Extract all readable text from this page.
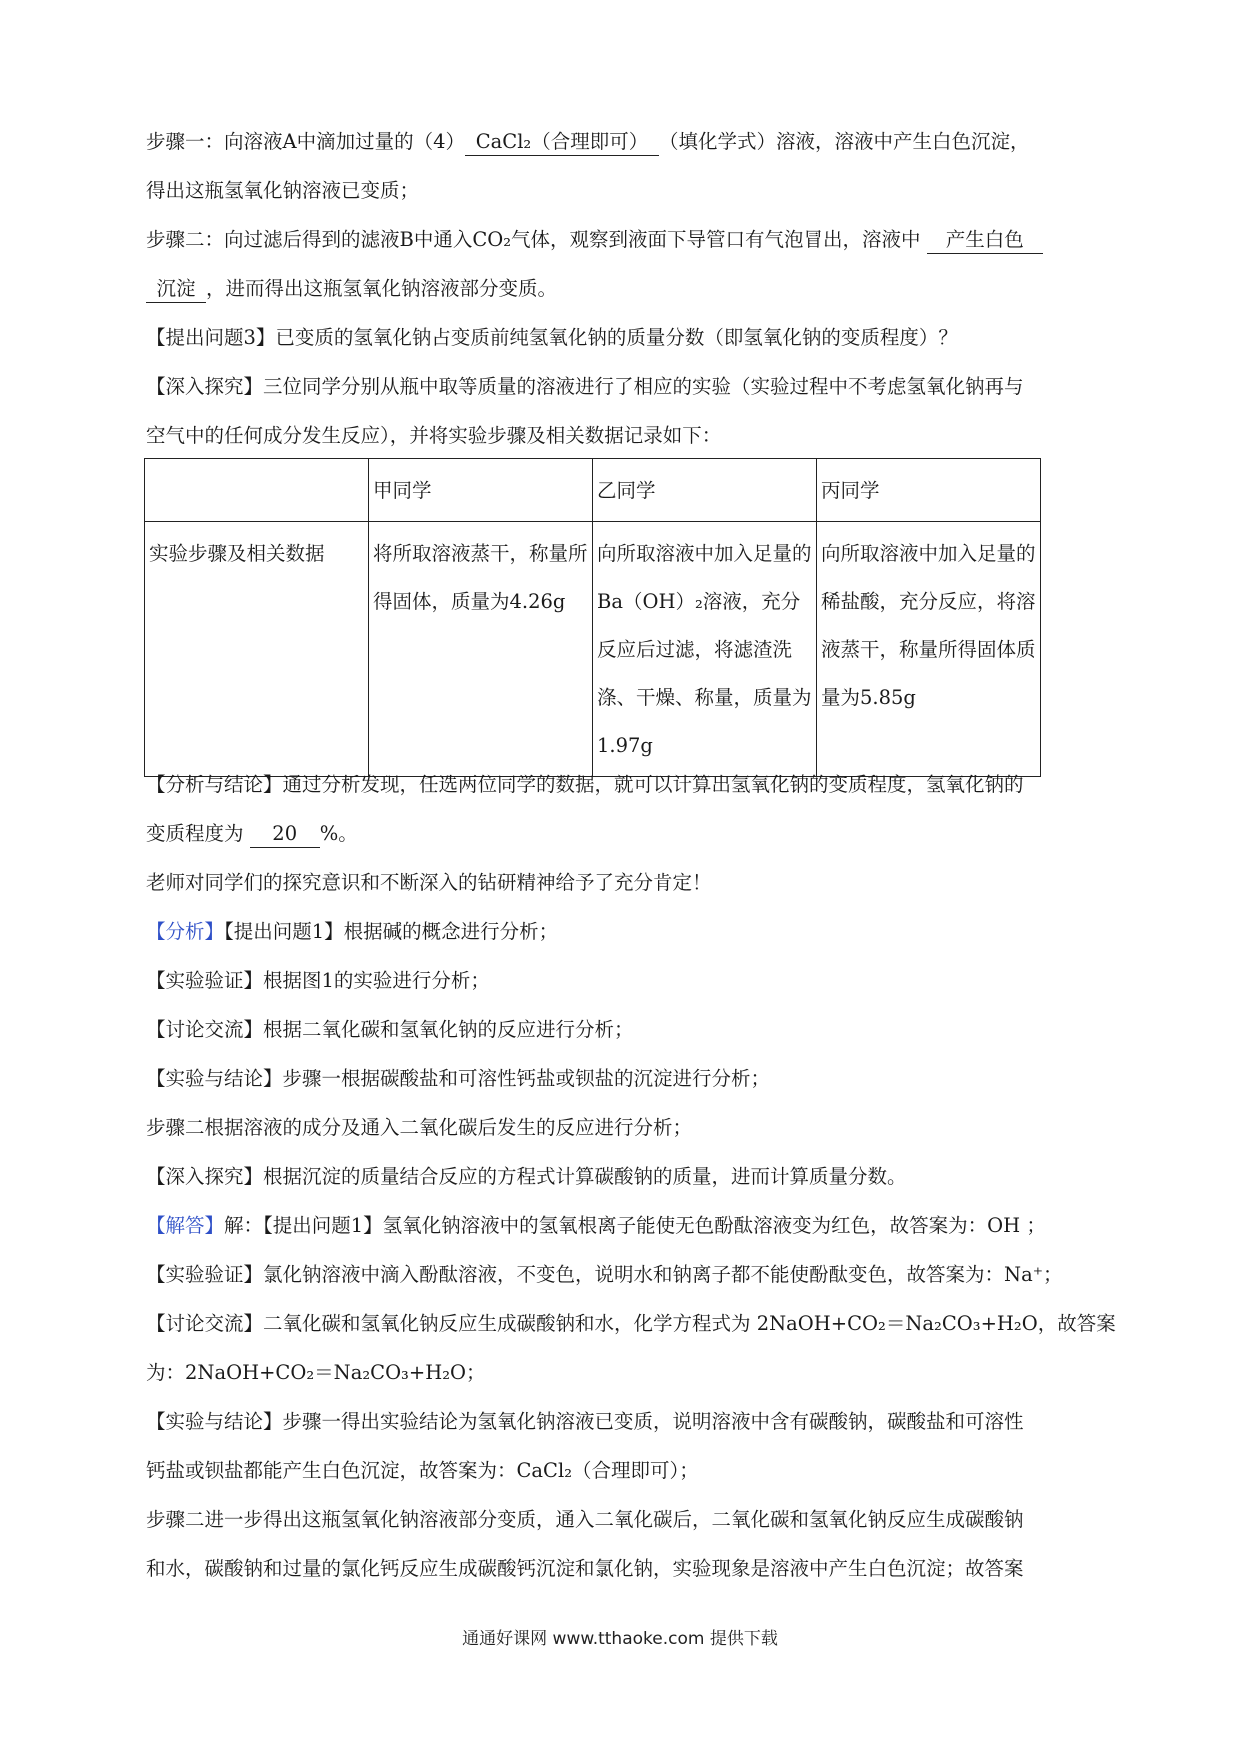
步骤一：向溶液A中滴加过量的（4） CaCl₂（合理即可） （填化学式）溶液，溶液中产生白色沉淀，
得出这瓶氢氧化钠溶液已变质；
步骤二：向过滤后得到的滤液B中通入CO₂气体，观察到液面下导管口有气泡冒出，溶液中 产生白色
沉淀 ，进而得出这瓶氢氧化钠溶液部分变质。
【提出问题3】已变质的氢氧化钠占变质前纯氢氧化钠的质量分数（即氢氧化钠的变质程度）？
【深入探究】三位同学分别从瓶中取等质量的溶液进行了相应的实验（实验过程中不考虑氢氧化钠再与
空气中的任何成分发生反应），并将实验步骤及相关数据记录如下：
	甲同学	乙同学	丙同学
实验步骤及相关数据	将所取溶液蒸干，称量所得固体，质量为4.26g	向所取溶液中加入足量的Ba（OH）₂溶液，充分反应后过滤，将滤渣洗涤、干燥、称量，质量为1.97g	向所取溶液中加入足量的稀盐酸，充分反应，将溶液蒸干，称量所得固体质量为5.85g
【分析与结论】通过分析发现，任选两位同学的数据，就可以计算出氢氧化钠的变质程度，氢氧化钠的
变质程度为 20 %。
老师对同学们的探究意识和不断深入的钻研精神给予了充分肯定！
【分析】【提出问题1】根据碱的概念进行分析；
【实验验证】根据图1的实验进行分析；
【讨论交流】根据二氧化碳和氢氧化钠的反应进行分析；
【实验与结论】步骤一根据碳酸盐和可溶性钙盐或钡盐的沉淀进行分析；
步骤二根据溶液的成分及通入二氧化碳后发生的反应进行分析；
【深入探究】根据沉淀的质量结合反应的方程式计算碳酸钠的质量，进而计算质量分数。
【解答】解：【提出问题1】氢氧化钠溶液中的氢氧根离子能使无色酚酞溶液变为红色，故答案为：OH ；
【实验验证】氯化钠溶液中滴入酚酞溶液，不变色，说明水和钠离子都不能使酚酞变色，故答案为：Na⁺；
【讨论交流】二氧化碳和氢氧化钠反应生成碳酸钠和水，化学方程式为 2NaOH+CO₂＝Na₂CO₃+H₂O，故答案
为：2NaOH+CO₂＝Na₂CO₃+H₂O；
【实验与结论】步骤一得出实验结论为氢氧化钠溶液已变质，说明溶液中含有碳酸钠，碳酸盐和可溶性
钙盐或钡盐都能产生白色沉淀，故答案为：CaCl₂（合理即可）；
步骤二进一步得出这瓶氢氧化钠溶液部分变质，通入二氧化碳后，二氧化碳和氢氧化钠反应生成碳酸钠
和水，碳酸钠和过量的氯化钙反应生成碳酸钙沉淀和氯化钠，实验现象是溶液中产生白色沉淀；故答案
通通好课网 www.tthaoke.com 提供下载
